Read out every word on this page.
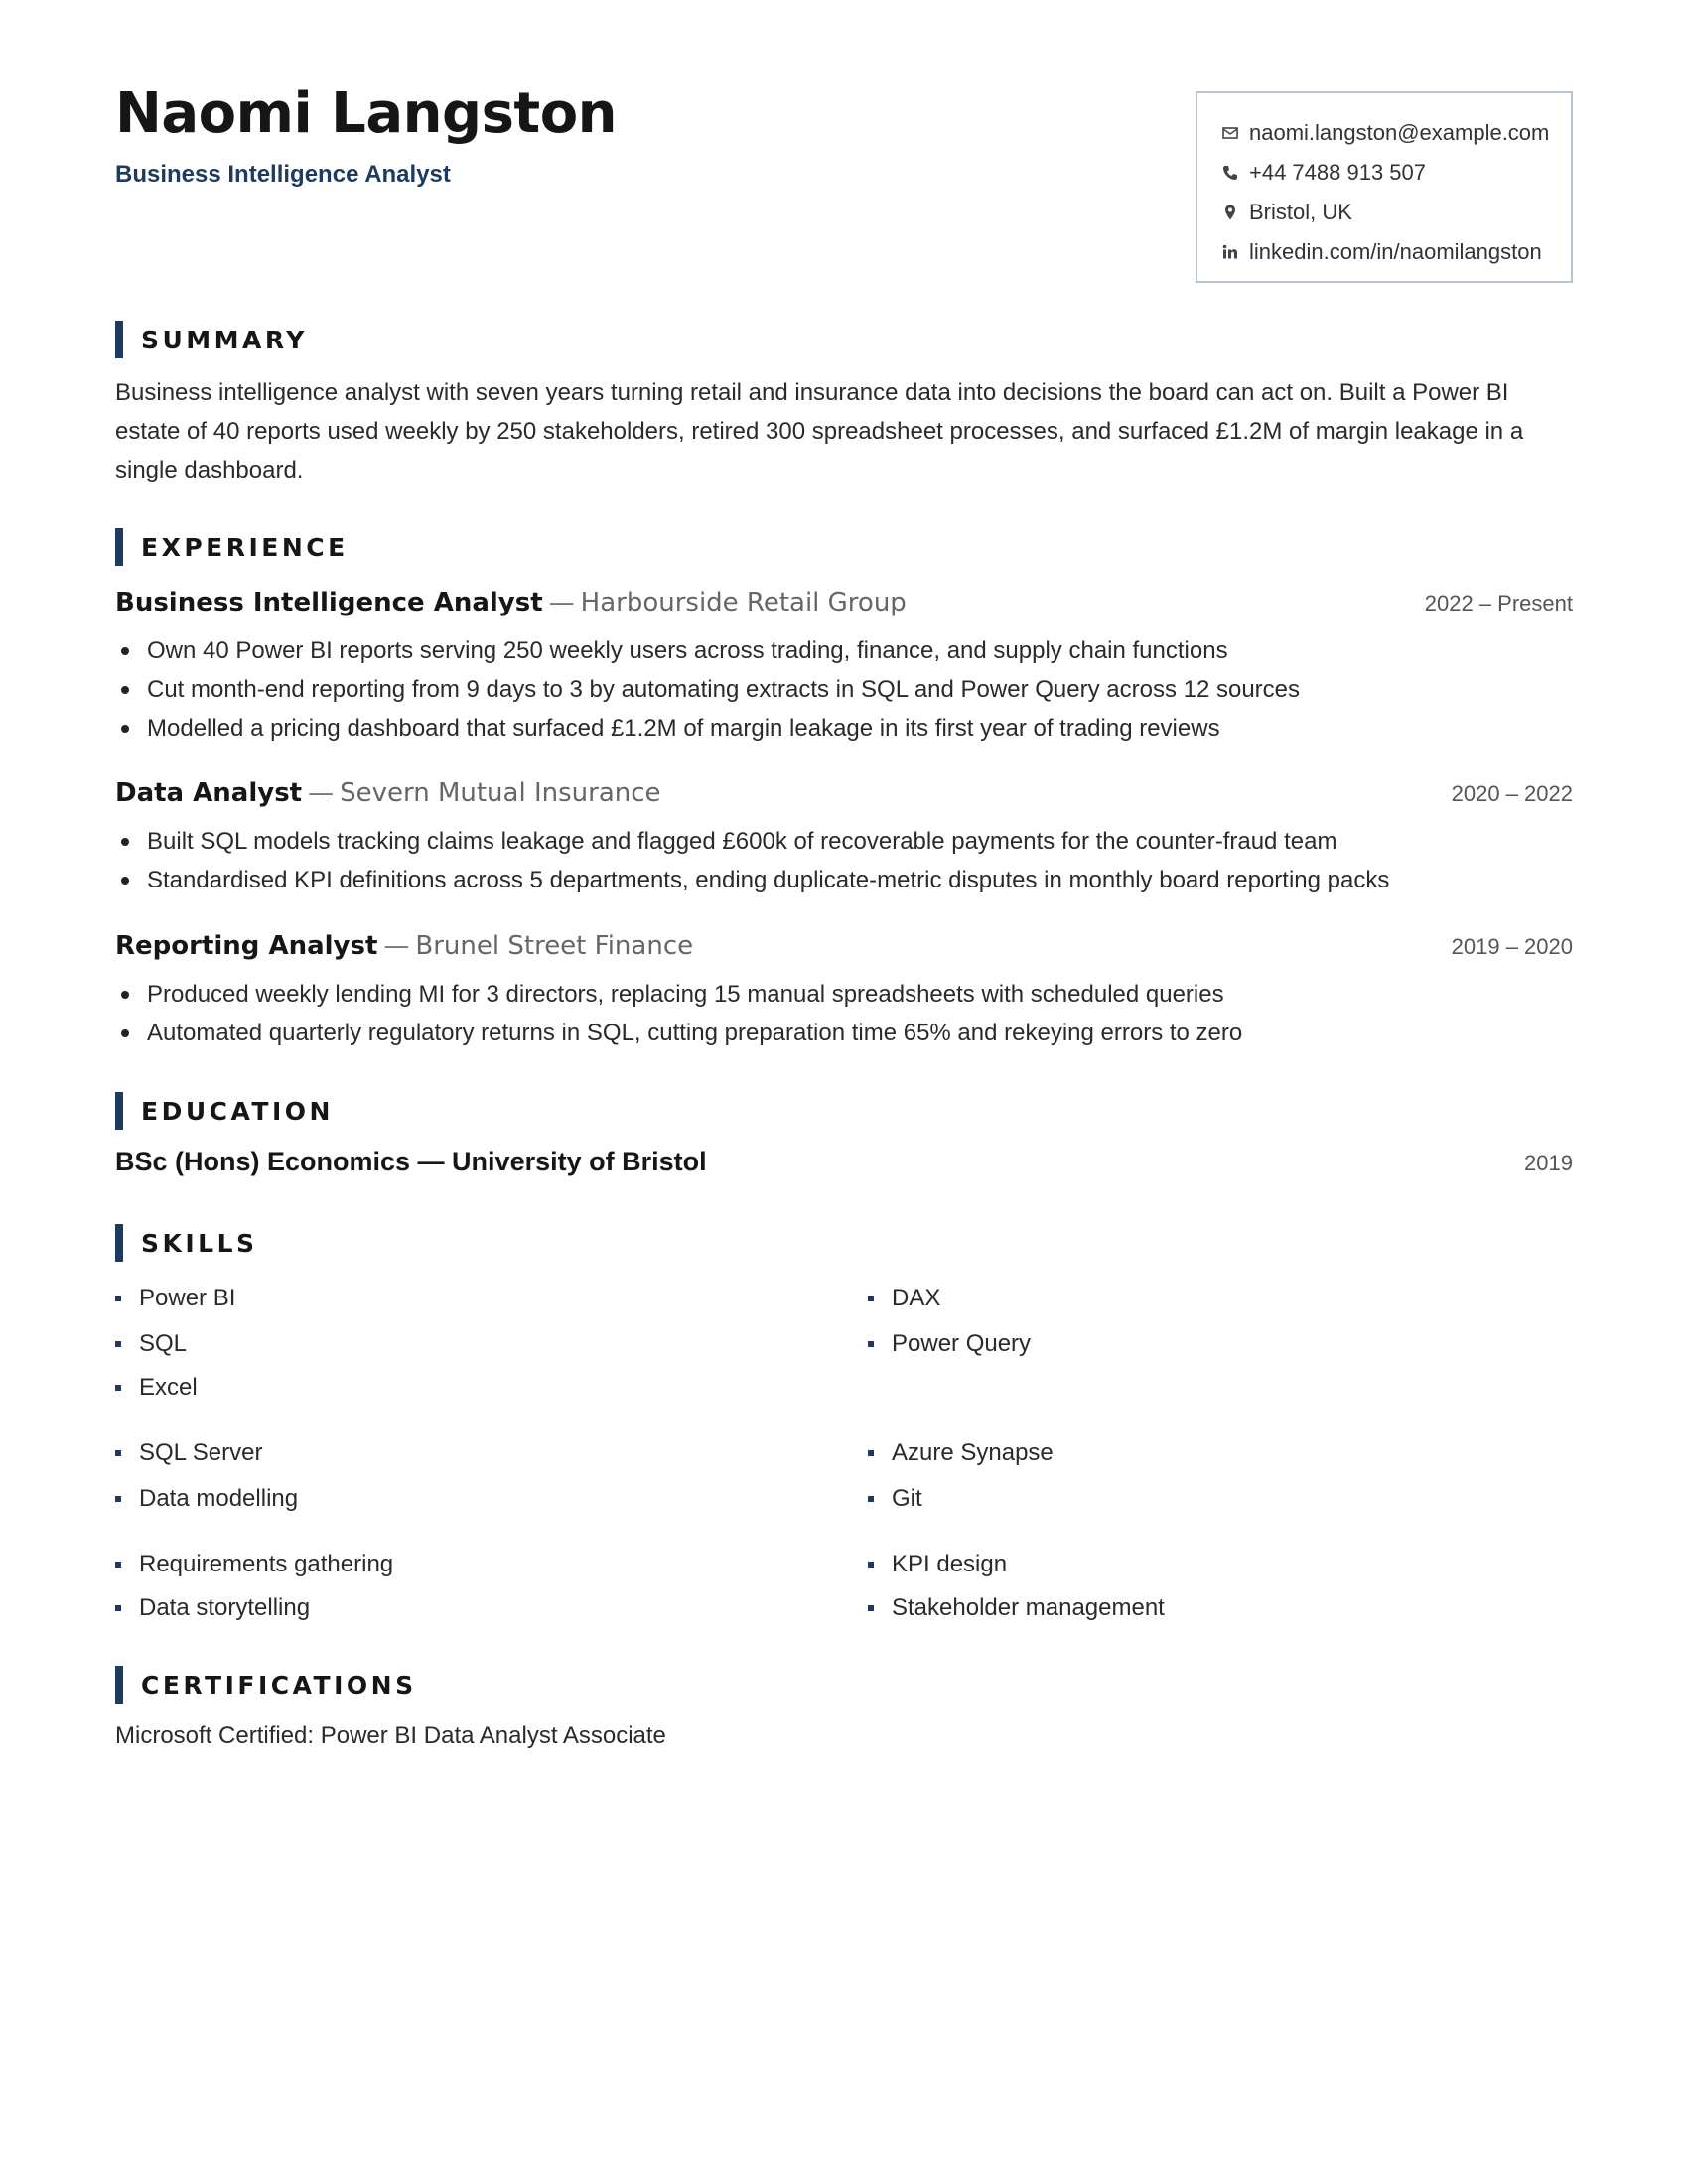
Naomi Langston
Business Intelligence Analyst
naomi.langston@example.com
+44 7488 913 507
Bristol, UK
linkedin.com/in/naomilangston
SUMMARY

Business intelligence analyst with seven years turning retail and insurance data into decisions the board can act on. Built a Power BI estate of 40 reports used weekly by 250 stakeholders, retired 300 spreadsheet processes, and surfaced £1.2M of margin leakage in a single dashboard.

EXPERIENCE
Business Intelligence Analyst — Harbourside Retail Group	2022 – Present
Own 40 Power BI reports serving 250 weekly users across trading, finance, and supply chain functions
Cut month-end reporting from 9 days to 3 by automating extracts in SQL and Power Query across 12 sources
Modelled a pricing dashboard that surfaced £1.2M of margin leakage in its first year of trading reviews
Data Analyst — Severn Mutual Insurance	2020 – 2022
Built SQL models tracking claims leakage and flagged £600k of recoverable payments for the counter-fraud team
Standardised KPI definitions across 5 departments, ending duplicate-metric disputes in monthly board reporting packs
Reporting Analyst — Brunel Street Finance	2019 – 2020
Produced weekly lending MI for 3 directors, replacing 15 manual spreadsheets with scheduled queries
Automated quarterly regulatory returns in SQL, cutting preparation time 65% and rekeying errors to zero
EDUCATION
BSc (Hons) Economics — University of Bristol	2019
SKILLS
Power BI	DAX
SQL	Power Query
Excel
SQL Server	Azure Synapse
Data modelling	Git
Requirements gathering	KPI design
Data storytelling	Stakeholder management
CERTIFICATIONS
Microsoft Certified: Power BI Data Analyst Associate
